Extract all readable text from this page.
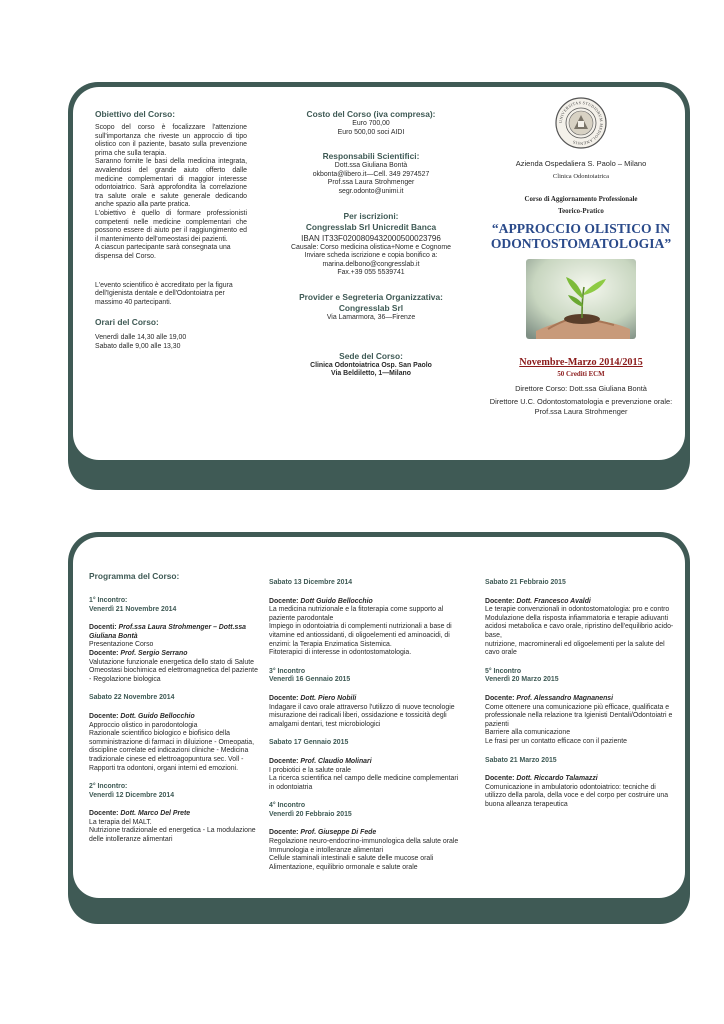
Obiettivo del Corso:

Scopo del corso è focalizzare l'attenzione sull'importanza che riveste un approccio di tipo olistico con il paziente, basato sulla prevenzione prima che sulla terapia.

Saranno fornite le basi della medicina integrata, avvalendosi del grande aiuto offerto dalle medicine complementari di maggior interesse odontoiatrico. Sarà approfondita la correlazione tra salute orale e salute generale dedicando anche spazio alla parte pratica.

L'obiettivo è quello di formare professionisti competenti nelle medicine complementari che possono essere di aiuto per il raggiungimento ed il mantenimento dell'omeostasi dei pazienti.

A ciascun partecipante sarà consegnata una dispensa del Corso.

L'evento scientifico è accreditato per la figura dell'Igienista dentale e dell'Odontoiatra per massimo 40 partecipanti.

Orari del Corso:
Venerdì dalle 14,30 alle 19,00
Sabato dalle 9,00 alle 13,30
Costo del Corso (iva compresa):
Euro 700,00
Euro 500,00 soci AIDI
Responsabili Scientifici:
Dott.ssa Giuliana Bontà
okbonta@libero.it—Cell. 349 2974527
Prof.ssa Laura Strohmenger
segr.odonto@unimi.it
Per iscrizioni:
Congresslab Srl Unicredit Banca
IBAN IT33F0200809432000500023796
Causale: Corso medicina olistica+Nome e Cognome
Inviare scheda iscrizione e copia bonifico a:
marina.delbono@congresslab.it
Fax.+39 055 5539741
Provider e Segreteria Organizzativa:
Congresslab Srl
Via Lamarmora, 36—Firenze
Sede del Corso:
Clinica Odontoiatrica Osp. San Paolo
Via Beldiletto, 1—Milano
UNIVERSITAS STUDIORUM MEDIOLANENSIS
Azienda Ospedaliera S. Paolo – Milano
Clinica Odontoiatrica
Corso di Aggiornamento Professionale
Teorico-Pratico
“APPROCCIO OLISTICO IN ODONTOSTOMATOLOGIA”
Novembre-Marzo 2014/2015
50 Crediti ECM
Direttore Corso: Dott.ssa Giuliana Bontà
Direttore U.C. Odontostomatologia e prevenzione orale: Prof.ssa Laura Strohmenger
Programma del Corso:
1° Incontro:
Venerdì 21 Novembre 2014
Docenti: Prof.ssa Laura Strohmenger – Dott.ssa Giuliana Bontà
Presentazione Corso
Docente: Prof. Sergio Serrano
Valutazione funzionale energetica dello stato di Salute
Omeostasi biochimica ed elettromagnetica del paziente - Regolazione biologica
Sabato 22 Novembre 2014
Docente: Dott. Guido Bellocchio
Approccio olistico in parodontologia
Razionale scientifico biologico e biofisico della somministrazione di farmaci in diluizione - Omeopatia, discipline correlate ed indicazioni cliniche - Medicina tradizionale cinese ed elettroagopuntura sec. Voll - Rapporti tra odontoni, organi interni ed emozioni.
2° Incontro:
Venerdì 12 Dicembre 2014
Docente: Dott. Marco Del Prete
La terapia del MALT.
Nutrizione tradizionale ed energetica - La modulazione delle intolleranze alimentari
Sabato 13 Dicembre 2014
Docente: Dott Guido Bellocchio
La medicina nutrizionale e la fitoterapia come supporto al paziente parodontale
Impiego in odontoiatria di complementi nutrizionali a base di vitamine ed antiossidanti, di oligoelementi ed aminoacidi, di enzimi: la Terapia Enzimatica Sistemica.
Fitoterapici di interesse in odontostomatologia.
3° Incontro
Venerdì 16 Gennaio 2015
Docente: Dott. Piero Nobili
Indagare il cavo orale attraverso l'utilizzo di nuove tecnologie
misurazione dei radicali liberi, ossidazione e tossicità degli amalgami dentari, test microbiologici
Sabato 17 Gennaio 2015
Docente: Prof. Claudio Molinari
I probiotici e la salute orale
La ricerca scientifica nel campo delle medicine complementari in odontoiatria
4° Incontro
Venerdì 20 Febbraio 2015
Docente: Prof. Giuseppe Di Fede
Regolazione neuro-endocrino-immunologica della salute orale
Immunologia e intolleranze alimentari
Cellule staminali intestinali e salute delle mucose orali
Alimentazione, equilibrio ormonale e salute orale
Sabato 21 Febbraio 2015
Docente: Dott. Francesco Avaldi
Le terapie convenzionali in odontostomatologia: pro e contro
Modulazione della risposta infiammatoria e terapie adiuvanti
acidosi metabolica e cavo orale, ripristino dell'equilibrio acido-base,
nutrizione, macrominerali ed oligoelementi per la salute del cavo orale
5° Incontro
Venerdì 20 Marzo 2015
Docente: Prof. Alessandro Magnanensi
Come ottenere una comunicazione più efficace, qualificata e professionale nella relazione tra Igienisti Dentali/Odontoiatri e pazienti
Barriere alla comunicazione
Le frasi per un contatto efficace con il paziente
Sabato 21 Marzo 2015
Docente: Dott. Riccardo Talamazzi
Comunicazione in ambulatorio odontoiatrico: tecniche di utilizzo della parola, della voce e del corpo per costruire una buona alleanza terapeutica
